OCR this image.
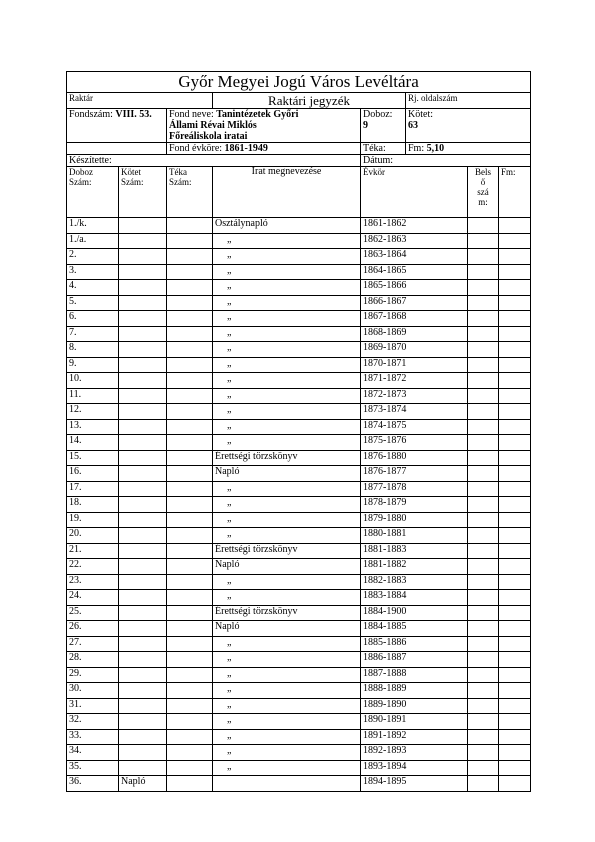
Győr Megyei Jogú Város Levéltára							
Raktár			Raktári jegyzék		Rj. oldalszám		
Fondszám: VIII. 53.		Fond neve: Tanintézetek Győri
Állami Révai Miklós
Főreáliskola iratai		Doboz:
9	Kötet:
63		
		Fond évköre: 1861-1949		Téka:	Fm: 5,10		
Készítette:				Dátum:			
Doboz
Szám:	Kötet
Szám:	Téka
Szám:	Irat megnevezése	Évkör		Bels
ő
szá
m:	Fm:
1./k.			Osztálynapló	1861-1862			
1./a.			„	1862-1863			
2.			„	1863-1864			
3.			„	1864-1865			
4.			„	1865-1866			
5.			„	1866-1867			
6.			„	1867-1868			
7.			„	1868-1869			
8.			„	1869-1870			
9.			„	1870-1871			
10.			„	1871-1872			
11.			„	1872-1873			
12.			„	1873-1874			
13.			„	1874-1875			
14.			„	1875-1876			
15.			Érettségi törzskönyv	1876-1880			
16.			Napló	1876-1877			
17.			„	1877-1878			
18.			„	1878-1879			
19.			„	1879-1880			
20.			„	1880-1881			
21.			Érettségi törzskönyv	1881-1883			
22.			Napló	1881-1882			
23.			„	1882-1883			
24.			„	1883-1884			
25.			Érettségi törzskönyv	1884-1900			
26.			Napló	1884-1885			
27.			„	1885-1886			
28.			„	1886-1887			
29.			„	1887-1888			
30.			„	1888-1889			
31.			„	1889-1890			
32.			„	1890-1891			
33.			„	1891-1892			
34.			„	1892-1893			
35.			„	1893-1894			
36.	Napló			1894-1895			
